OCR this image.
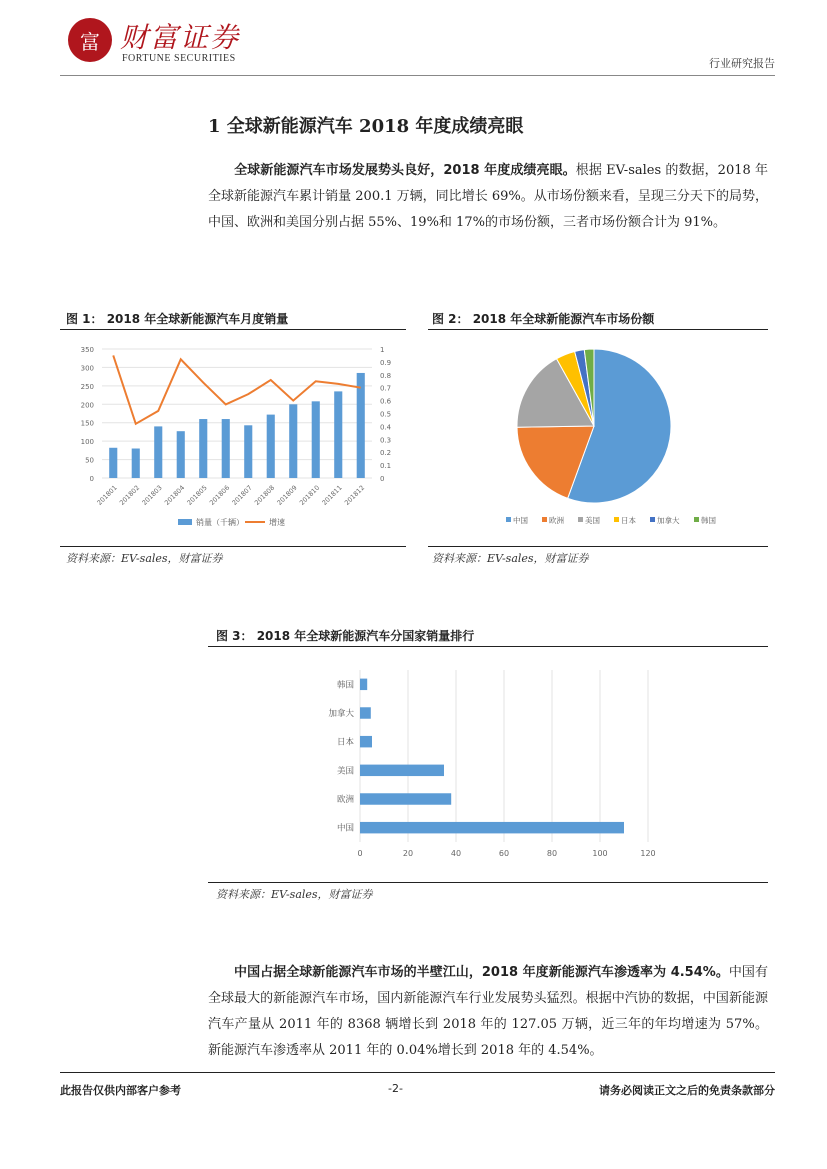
富 财富证券
FORTUNE SECURITIES	行业研究报告
1 全球新能源汽车 2018 年度成绩亮眼
全球新能源汽车市场发展势头良好，2018 年度成绩亮眼。根据 EV-sales 的数据，2018 年全球新能源汽车累计销量 200.1 万辆，同比增长 69%。从市场份额来看，呈现三分天下的局势，中国、欧洲和美国分别占据 55%、19%和 17%的市场份额，三者市场份额合计为 91%。
图 1： 2018 年全球新能源汽车月度销量
0
50
100
150
200
250
300
350
0
0.1
0.2
0.3
0.4
0.5
0.6
0.7
0.8
0.9
1
201801 201802 201803 201804 201805 201806 201807 201808 201809 201810 201811 201812
销量（千辆）	增速
资料来源：EV-sales，财富证券
图 2： 2018 年全球新能源汽车市场份额
中国	欧洲	美国	日本	加拿大	韩国
资料来源：EV-sales，财富证券
图 3： 2018 年全球新能源汽车分国家销量排行
0	20	40	60	80	100	120
韩国
加拿大
日本
美国
欧洲
中国
资料来源：EV-sales，财富证券
中国占据全球新能源汽车市场的半壁江山，2018 年度新能源汽车渗透率为 4.54%。中国有全球最大的新能源汽车市场，国内新能源汽车行业发展势头猛烈。根据中汽协的数据，中国新能源汽车产量从 2011 年的 8368 辆增长到 2018 年的 127.05 万辆，近三年的年均增速为 57%。新能源汽车渗透率从 2011 年的 0.04%增长到 2018 年的 4.54%。
此报告仅供内部客户参考	-2-	请务必阅读正文之后的免责条款部分
